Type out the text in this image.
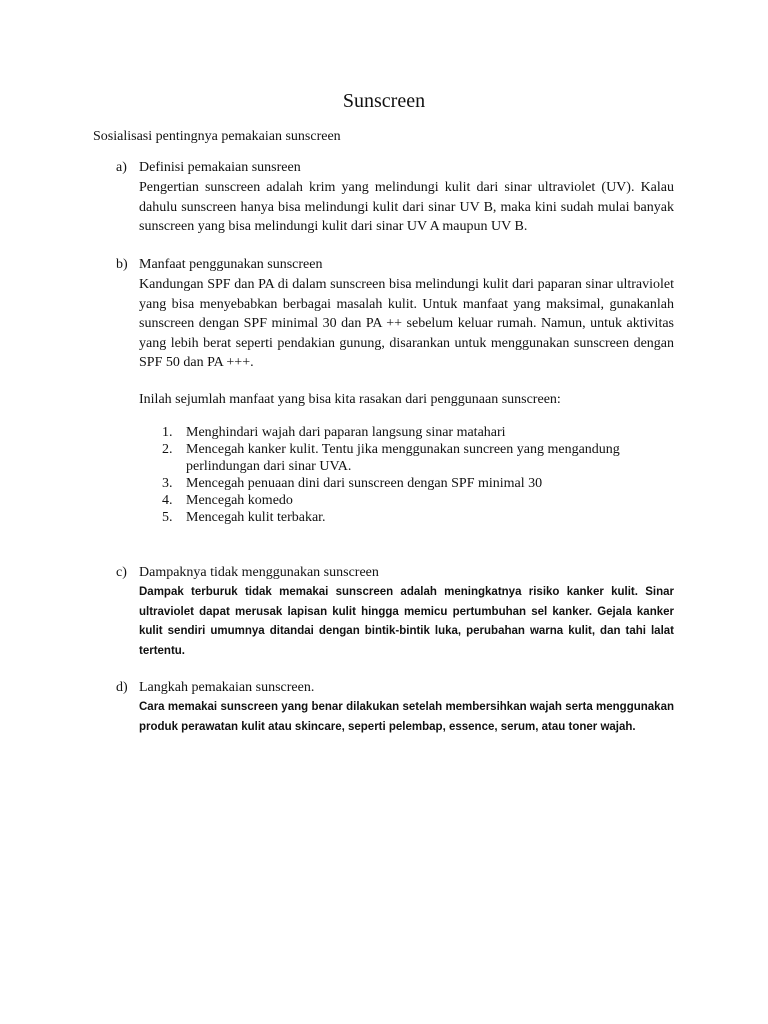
Sunscreen
Sosialisasi pentingnya pemakaian sunscreen
a) Definisi pemakaian sunsreen

Pengertian sunscreen adalah krim yang melindungi kulit dari sinar ultraviolet (UV). Kalau dahulu sunscreen hanya bisa melindungi kulit dari sinar UV B, maka kini sudah mulai banyak sunscreen yang bisa melindungi kulit dari sinar UV A maupun UV B.

b) Manfaat penggunakan sunscreen

Kandungan SPF dan PA di dalam sunscreen bisa melindungi kulit dari paparan sinar ultraviolet yang bisa menyebabkan berbagai masalah kulit. Untuk manfaat yang maksimal, gunakanlah sunscreen dengan SPF minimal 30 dan PA ++ sebelum keluar rumah. Namun, untuk aktivitas yang lebih berat seperti pendakian gunung, disarankan untuk menggunakan sunscreen dengan SPF 50 dan PA +++.

Inilah sejumlah manfaat yang bisa kita rasakan dari penggunaan sunscreen:
1. Menghindari wajah dari paparan langsung sinar matahari
2. Mencegah kanker kulit. Tentu jika menggunakan suncreen yang mengandung perlindungan dari sinar UVA.
3. Mencegah penuaan dini dari sunscreen dengan SPF minimal 30
4. Mencegah komedo
5. Mencegah kulit terbakar.
c) Dampaknya tidak menggunakan sunscreen

Dampak terburuk tidak memakai sunscreen adalah meningkatnya risiko kanker kulit. Sinar ultraviolet dapat merusak lapisan kulit hingga memicu pertumbuhan sel kanker. Gejala kanker kulit sendiri umumnya ditandai dengan bintik-bintik luka, perubahan warna kulit, dan tahi lalat tertentu.

d) Langkah pemakaian sunscreen.

Cara memakai sunscreen yang benar dilakukan setelah membersihkan wajah serta menggunakan produk perawatan kulit atau skincare, seperti pelembap, essence, serum, atau toner wajah.
